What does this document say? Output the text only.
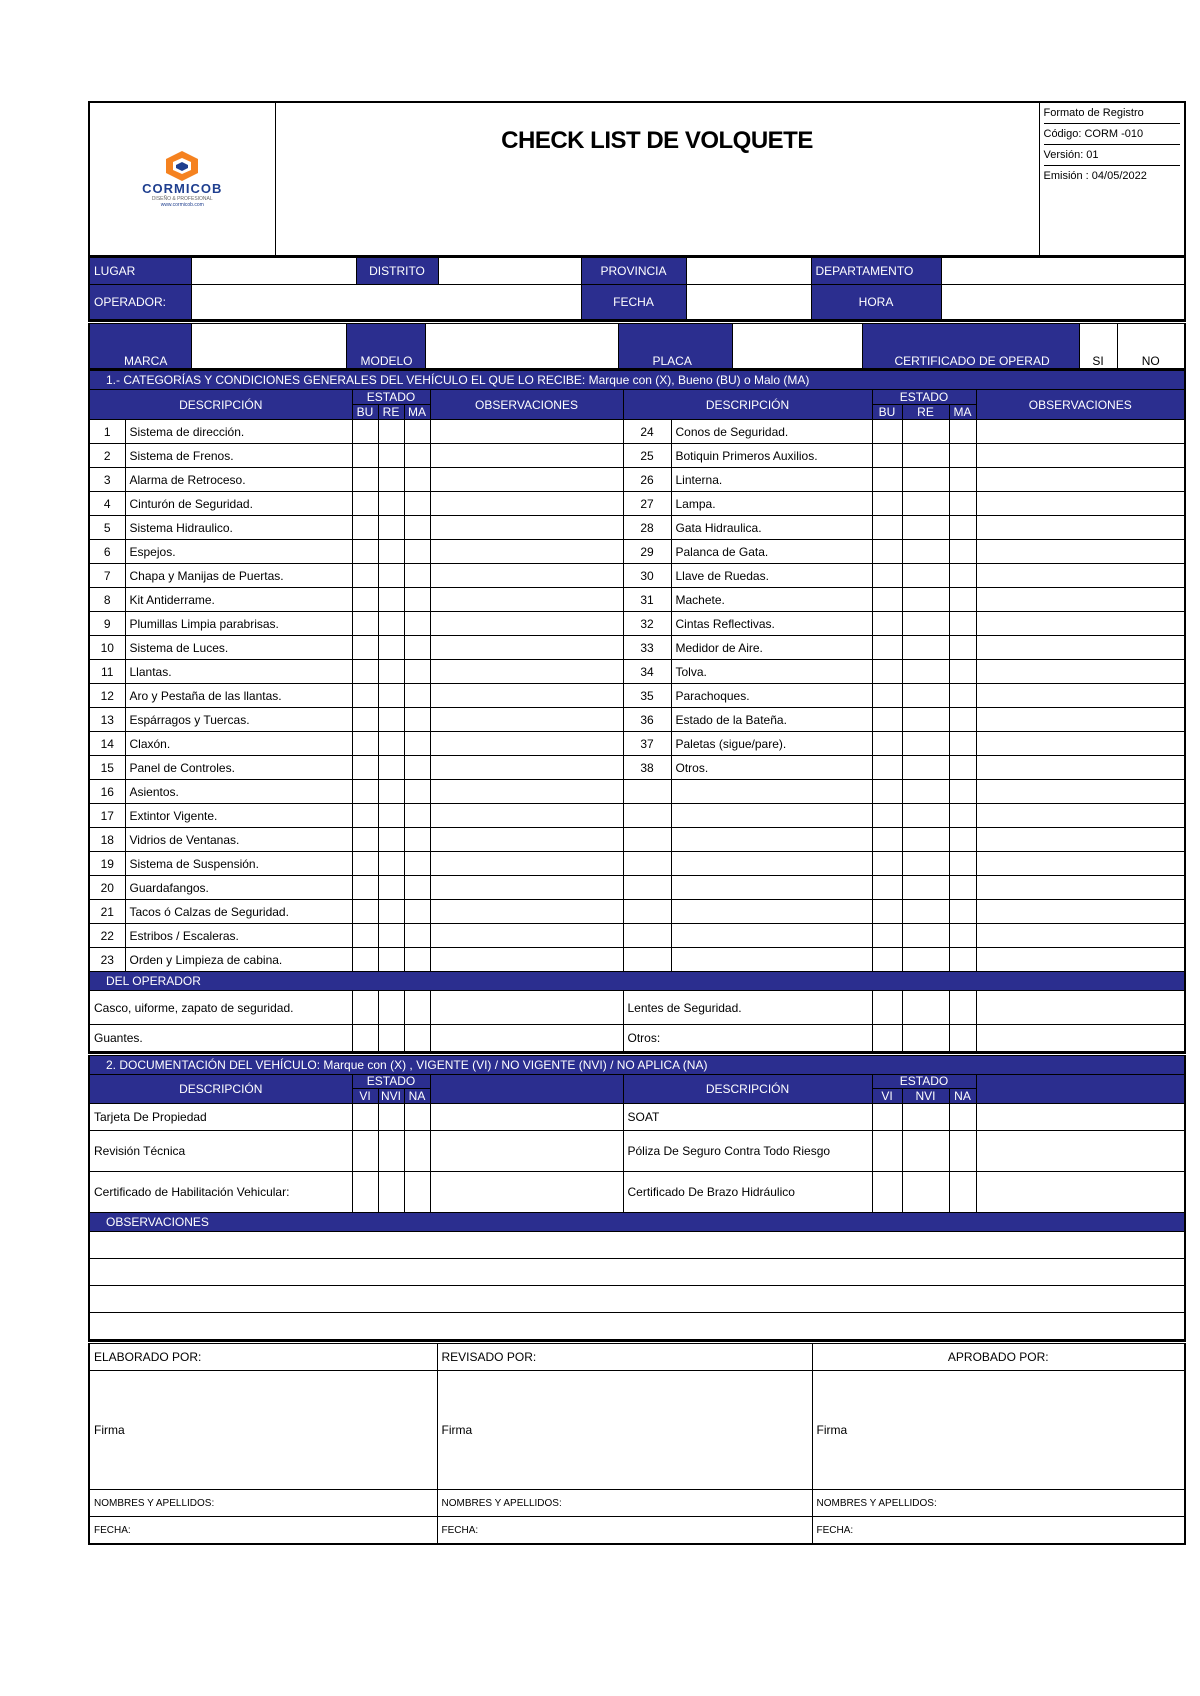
CORMICOB
DISEÑO & PROFESIONAL
www.cormicob.com

CHECK LIST DE VOLQUETE

Formato de Registro
Código: CORM -010
Versión: 01
Emisión : 04/05/2022
LUGAR		DISTRITO		PROVINCIA		DEPARTAMENTO	
OPERADOR:				FECHA		HORA	
MARCA		MODELO		PLACA		CERTIFICADO DE OPERAD	SI	NO
1.- CATEGORÍAS Y CONDICIONES GENERALES DEL VEHÍCULO EL QUE LO RECIBE: Marque con (X), Bueno (BU) o Malo (MA)											
DESCRIPCIÓN		ESTADO			OBSERVACIONES	DESCRIPCIÓN		ESTADO			OBSERVACIONES
		BU	RE	MA				BU	RE	MA	
1	Sistema de dirección.					24	Conos de Seguridad.				
2	Sistema de Frenos.					25	Botiquin Primeros Auxilios.				
3	Alarma de Retroceso.					26	Linterna.				
4	Cinturón de Seguridad.					27	Lampa.				
5	Sistema Hidraulico.					28	Gata Hidraulica.				
6	Espejos.					29	Palanca de Gata.				
7	Chapa y Manijas de Puertas.					30	Llave de Ruedas.				
8	Kit Antiderrame.					31	Machete.				
9	Plumillas Limpia parabrisas.					32	Cintas Reflectivas.				
10	Sistema de Luces.					33	Medidor de Aire.				
11	Llantas.					34	Tolva.				
12	Aro y Pestaña de las llantas.					35	Parachoques.				
13	Espárragos y Tuercas.					36	Estado de la Bateña.				
14	Claxón.					37	Paletas (sigue/pare).				
15	Panel de Controles.					38	Otros.				
16	Asientos.										
17	Extintor Vigente.										
18	Vidrios de Ventanas.										
19	Sistema de Suspensión.										
20	Guardafangos.										
21	Tacos ó Calzas de Seguridad.										
22	Estribos / Escaleras.										
23	Orden y Limpieza de cabina.										
DEL OPERADOR											
Casco, uiforme, zapato de seguridad.						Lentes de Seguridad.					
Guantes.						Otros:					
2. DOCUMENTACIÓN DEL VEHÍCULO: Marque con (X) , VIGENTE (VI) / NO VIGENTE (NVI) / NO APLICA (NA)									
DESCRIPCIÓN	ESTADO				DESCRIPCIÓN	ESTADO			
	VI	NVI	NA			VI	NVI	NA	
Tarjeta De Propiedad					SOAT				
Revisión Técnica					Póliza De Seguro Contra Todo Riesgo				
Certificado de Habilitación Vehicular:					Certificado De Brazo Hidráulico				
OBSERVACIONES									

ELABORADO POR:	REVISADO POR:	APROBADO POR:
Firma	Firma	Firma
NOMBRES Y APELLIDOS:	NOMBRES Y APELLIDOS:	NOMBRES Y APELLIDOS:
FECHA:	FECHA:	FECHA:
